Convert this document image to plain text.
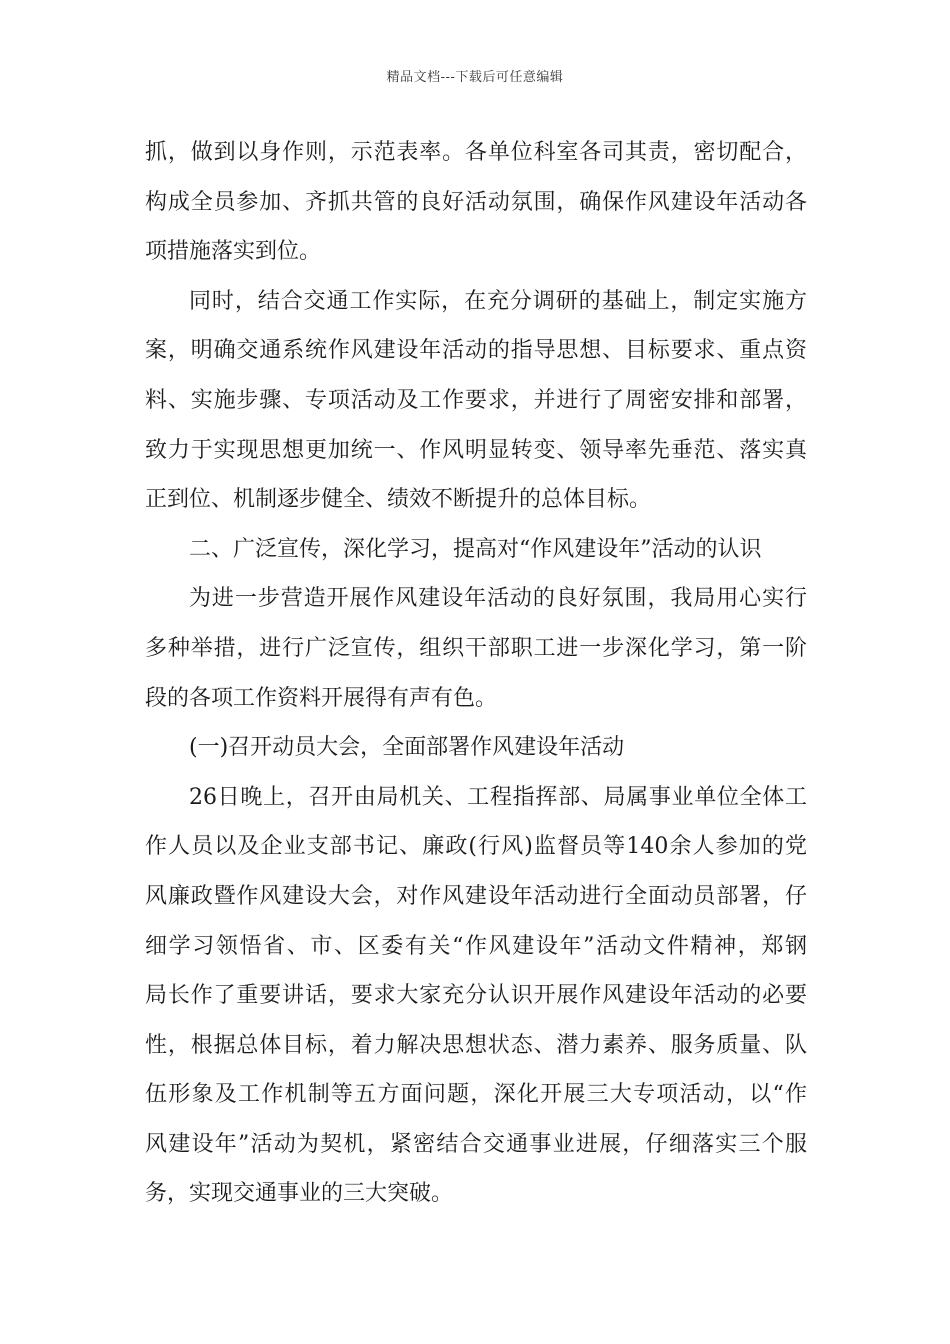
精品文档---下载后可任意编辑
抓，做到以身作则，示范表率。各单位科室各司其责，密切配合，
构成全员参加、齐抓共管的良好活动氛围，确保作风建设年活动各
项措施落实到位。
同时，结合交通工作实际，在充分调研的基础上，制定实施方
案，明确交通系统作风建设年活动的指导思想、目标要求、重点资
料、实施步骤、专项活动及工作要求，并进行了周密安排和部署，
致力于实现思想更加统一、作风明显转变、领导率先垂范、落实真
正到位、机制逐步健全、绩效不断提升的总体目标。
二、广泛宣传，深化学习，提高对“作风建设年”活动的认识
为进一步营造开展作风建设年活动的良好氛围，我局用心实行
多种举措，进行广泛宣传，组织干部职工进一步深化学习，第一阶
段的各项工作资料开展得有声有色。
(一)召开动员大会，全面部署作风建设年活动
26日晚上，召开由局机关、工程指挥部、局属事业单位全体工
作人员以及企业支部书记、廉政(行风)监督员等140余人参加的党
风廉政暨作风建设大会，对作风建设年活动进行全面动员部署，仔
细学习领悟省、市、区委有关“作风建设年”活动文件精神，郑钢
局长作了重要讲话，要求大家充分认识开展作风建设年活动的必要
性，根据总体目标，着力解决思想状态、潜力素养、服务质量、队
伍形象及工作机制等五方面问题，深化开展三大专项活动，以“作
风建设年”活动为契机，紧密结合交通事业进展，仔细落实三个服
务，实现交通事业的三大突破。
